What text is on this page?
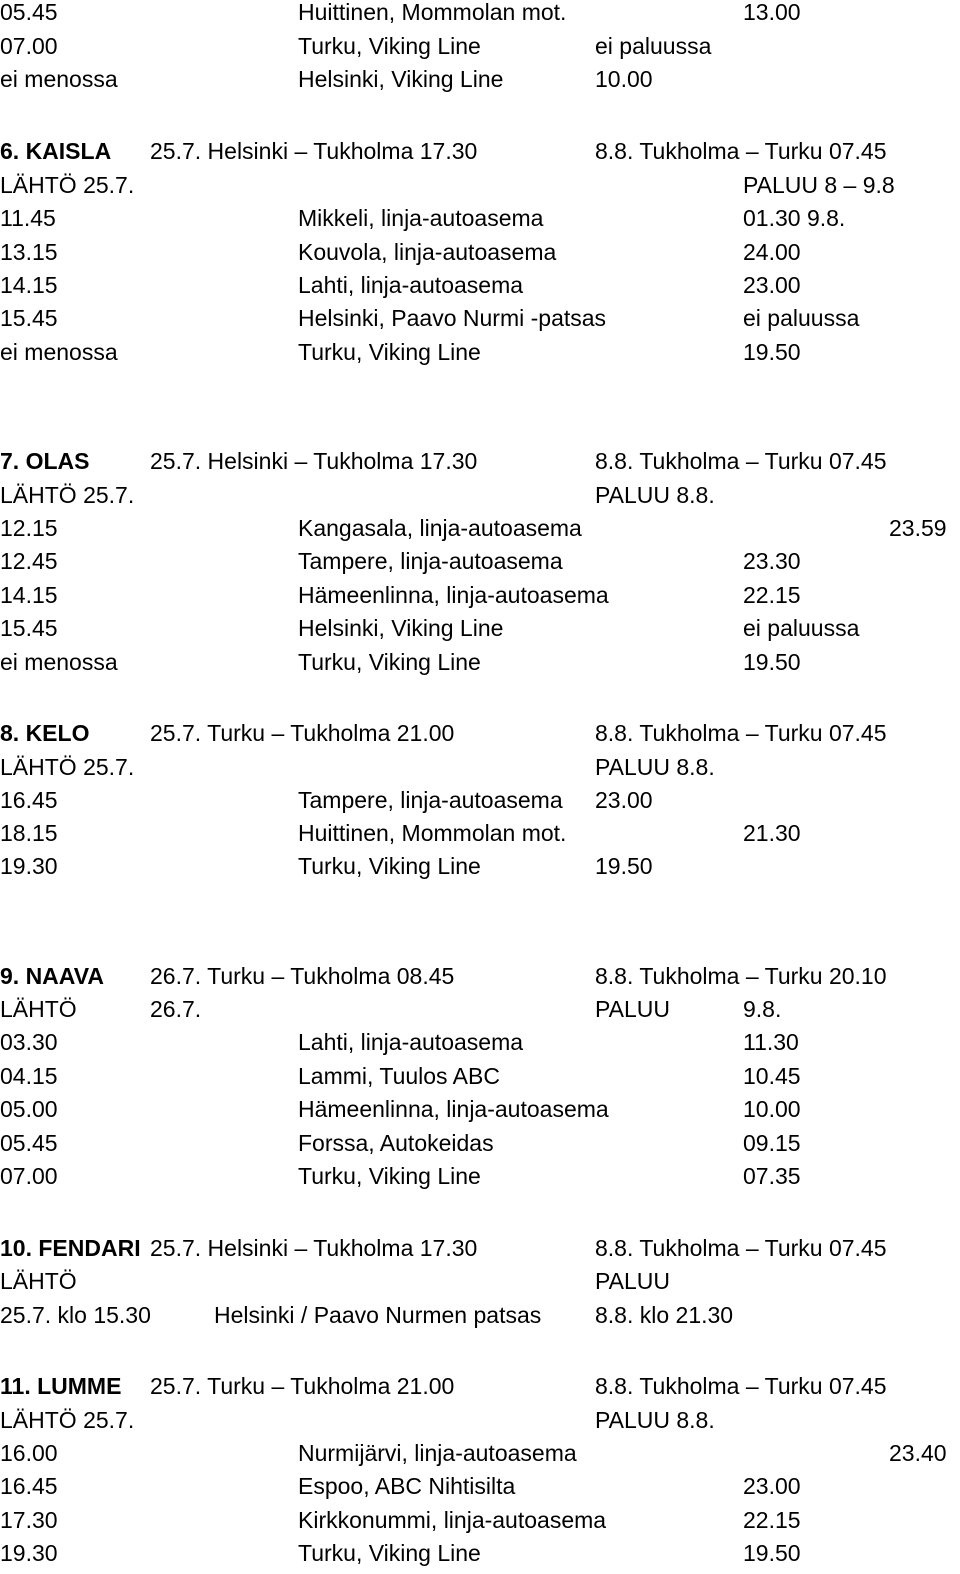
05.45	Huittinen, Mommolan mot.	13.00
07.00	Turku, Viking Line	ei paluussa
ei menossa	Helsinki, Viking Line	10.00
6. KAISLA 25.7. Helsinki – Tukholma 17.30	8.8. Tukholma – Turku 07.45
LÄHTÖ 25.7.	PALUU 8 – 9.8
11.45	Mikkeli, linja-autoasema	01.30 9.8.
13.15	Kouvola, linja-autoasema	24.00
14.15	Lahti, linja-autoasema	23.00
15.45	Helsinki, Paavo Nurmi -patsas	ei paluussa
ei menossa	Turku, Viking Line	19.50
7. OLAS	25.7. Helsinki – Tukholma 17.30	8.8. Tukholma – Turku 07.45
LÄHTÖ 25.7.	PALUU 8.8.
12.15	Kangasala, linja-autoasema	23.59
12.45	Tampere, linja-autoasema	23.30
14.15	Hämeenlinna, linja-autoasema	22.15
15.45	Helsinki, Viking Line	ei paluussa
ei menossa	Turku, Viking Line	19.50
8. KELO	25.7. Turku – Tukholma 21.00	8.8. Tukholma – Turku 07.45
LÄHTÖ 25.7.	PALUU 8.8.
16.45	Tampere, linja-autoasema 23.00
18.15	Huittinen, Mommolan mot.	21.30
19.30	Turku, Viking Line	19.50
9. NAAVA 26.7. Turku – Tukholma 08.45	8.8. Tukholma – Turku 20.10
LÄHTÖ	26.7.	PALUU	9.8.
03.30	Lahti, linja-autoasema	11.30
04.15	Lammi, Tuulos ABC	10.45
05.00	Hämeenlinna, linja-autoasema	10.00
05.45	Forssa, Autokeidas	09.15
07.00	Turku, Viking Line	07.35
10. FENDARI 25.7. Helsinki – Tukholma 17.30	8.8. Tukholma – Turku 07.45
LÄHTÖ	PALUU
25.7. klo 15.30	Helsinki / Paavo Nurmen patsas 8.8. klo 21.30
11. LUMME 25.7. Turku – Tukholma 21.00	8.8. Tukholma – Turku 07.45
LÄHTÖ 25.7.	PALUU 8.8.
16.00	Nurmijärvi, linja-autoasema	23.40
16.45	Espoo, ABC Nihtisilta	23.00
17.30	Kirkkonummi, linja-autoasema	22.15
19.30	Turku, Viking Line	19.50
